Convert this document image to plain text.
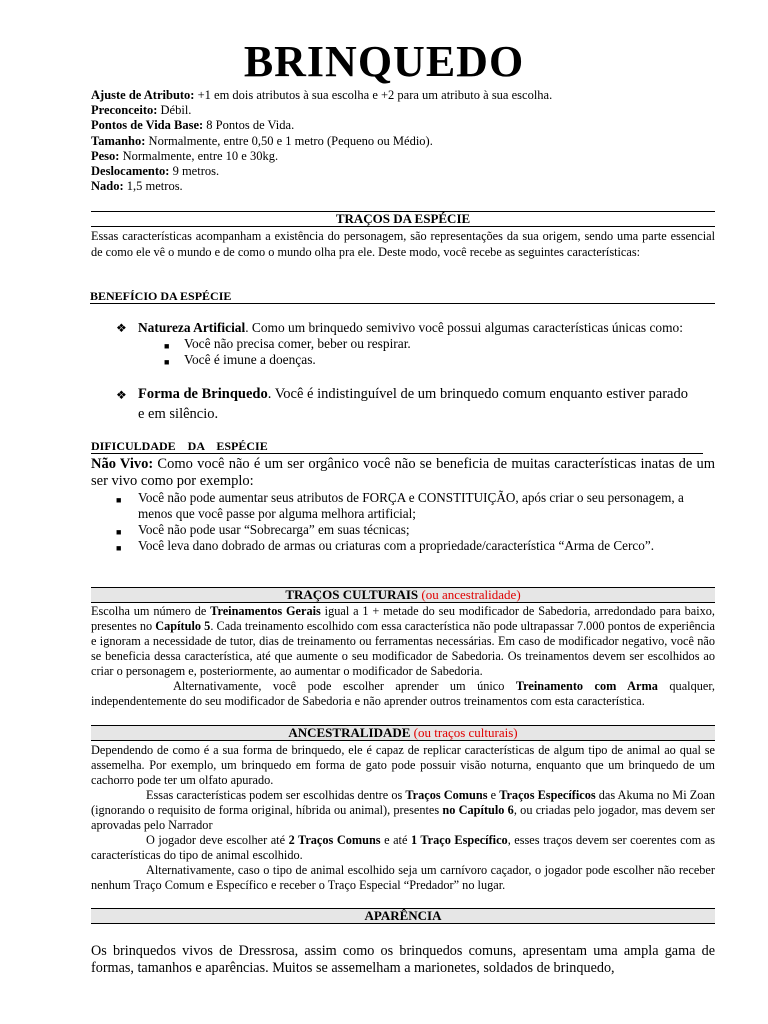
BRINQUEDO
Ajuste de Atributo: +1 em dois atributos à sua escolha e +2 para um atributo à sua escolha.
Preconceito: Débil.
Pontos de Vida Base: 8 Pontos de Vida.
Tamanho: Normalmente, entre 0,50 e 1 metro (Pequeno ou Médio).
Peso: Normalmente, entre 10 e 30kg.
Deslocamento: 9 metros.
Nado: 1,5 metros.
TRAÇOS DA ESPÉCIE
Essas características acompanham a existência do personagem, são representações da sua origem, sendo uma parte essencial de como ele vê o mundo e de como o mundo olha pra ele. Deste modo, você recebe as seguintes características:
BENEFÍCIO DA ESPÉCIE
❖ Natureza Artificial. Como um brinquedo semivivo você possui algumas características únicas como:
■ Você não precisa comer, beber ou respirar.
■ Você é imune a doenças.
❖ Forma de Brinquedo. Você é indistinguível de um brinquedo comum enquanto estiver parado e em silêncio.
DIFICULDADE    DA    ESPÉCIE
Não Vivo: Como você não é um ser orgânico você não se beneficia de muitas características inatas de um ser vivo como por exemplo:
■ Você não pode aumentar seus atributos de FORÇA e CONSTITUIÇÃO, após criar o seu personagem, a menos que você passe por alguma melhora artificial;
■ Você não pode usar “Sobrecarga” em suas técnicas;
■ Você leva dano dobrado de armas ou criaturas com a propriedade/característica “Arma de Cerco”.
TRAÇOS CULTURAIS (ou ancestralidade)
Escolha um número de Treinamentos Gerais igual a 1 + metade do seu modificador de Sabedoria, arredondado para baixo, presentes no Capítulo 5. Cada treinamento escolhido com essa característica não pode ultrapassar 7.000 pontos de experiência e ignoram a necessidade de tutor, dias de treinamento ou ferramentas necessárias. Em caso de modificador negativo, você não se beneficia dessa característica, até que aumente o seu modificador de Sabedoria. Os treinamentos devem ser escolhidos ao criar o personagem e, posteriormente, ao aumentar o modificador de Sabedoria.
Alternativamente, você pode escolher aprender um único Treinamento com Arma qualquer, independentemente do seu modificador de Sabedoria e não aprender outros treinamentos com esta característica.
ANCESTRALIDADE (ou traços culturais)
Dependendo de como é a sua forma de brinquedo, ele é capaz de replicar características de algum tipo de animal ao qual se assemelha. Por exemplo, um brinquedo em forma de gato pode possuir visão noturna, enquanto que um brinquedo de um cachorro pode ter um olfato apurado.
Essas características podem ser escolhidas dentre os Traços Comuns e Traços Específicos das Akuma no Mi Zoan (ignorando o requisito de forma original, híbrida ou animal), presentes no Capítulo 6, ou criadas pelo jogador, mas devem ser aprovadas pelo Narrador
O jogador deve escolher até 2 Traços Comuns e até 1 Traço Específico, esses traços devem ser coerentes com as características do tipo de animal escolhido.
Alternativamente, caso o tipo de animal escolhido seja um carnívoro caçador, o jogador pode escolher não receber nenhum Traço Comum e Específico e receber o Traço Especial “Predador” no lugar.
APARÊNCIA
Os brinquedos vivos de Dressrosa, assim como os brinquedos comuns, apresentam uma ampla gama de formas, tamanhos e aparências. Muitos se assemelham a marionetes, soldados de brinquedo,
